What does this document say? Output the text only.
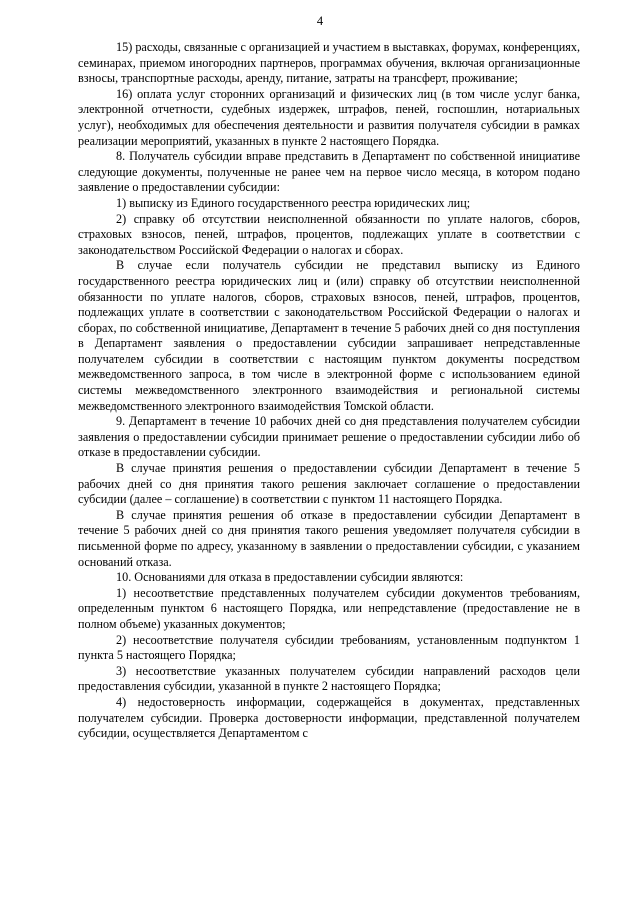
4

15) расходы, связанные с организацией и участием в выставках, форумах, конференциях, семинарах, приемом иногородних партнеров, программах обучения, включая организационные взносы, транспортные расходы, аренду, питание, затраты на трансферт, проживание;

16) оплата услуг сторонних организаций и физических лиц (в том числе услуг банка, электронной отчетности, судебных издержек, штрафов, пеней, госпошлин, нотариальных услуг), необходимых для обеспечения деятельности и развития получателя субсидии в рамках реализации мероприятий, указанных в пункте 2 настоящего Порядка.

8. Получатель субсидии вправе представить в Департамент по собственной инициативе следующие документы, полученные не ранее чем на первое число месяца, в котором подано заявление о предоставлении субсидии:

1) выписку из Единого государственного реестра юридических лиц;

2) справку об отсутствии неисполненной обязанности по уплате налогов, сборов, страховых взносов, пеней, штрафов, процентов, подлежащих уплате в соответствии с законодательством Российской Федерации о налогах и сборах.

В случае если получатель субсидии не представил выписку из Единого государственного реестра юридических лиц и (или) справку об отсутствии неисполненной обязанности по уплате налогов, сборов, страховых взносов, пеней, штрафов, процентов, подлежащих уплате в соответствии с законодательством Российской Федерации о налогах и сборах, по собственной инициативе, Департамент в течение 5 рабочих дней со дня поступления в Департамент заявления о предоставлении субсидии запрашивает непредставленные получателем субсидии в соответствии с настоящим пунктом документы посредством межведомственного запроса, в том числе в электронной форме с использованием единой системы межведомственного электронного взаимодействия и региональной системы межведомственного электронного взаимодействия Томской области.

9. Департамент в течение 10 рабочих дней со дня представления получателем субсидии заявления о предоставлении субсидии принимает решение о предоставлении субсидии либо об отказе в предоставлении субсидии.

В случае принятия решения о предоставлении субсидии Департамент в течение 5 рабочих дней со дня принятия такого решения заключает соглашение о предоставлении субсидии (далее – соглашение) в соответствии с пунктом 11 настоящего Порядка.

В случае принятия решения об отказе в предоставлении субсидии Департамент в течение 5 рабочих дней со дня принятия такого решения уведомляет получателя субсидии в письменной форме по адресу, указанному в заявлении о предоставлении субсидии, с указанием оснований отказа.

10. Основаниями для отказа в предоставлении субсидии являются:

1) несоответствие представленных получателем субсидии документов требованиям, определенным пунктом 6 настоящего Порядка, или непредставление (предоставление не в полном объеме) указанных документов;

2) несоответствие получателя субсидии требованиям, установленным подпунктом 1 пункта 5 настоящего Порядка;

3) несоответствие указанных получателем субсидии направлений расходов цели предоставления субсидии, указанной в пункте 2 настоящего Порядка;

4) недостоверность информации, содержащейся в документах, представленных получателем субсидии. Проверка достоверности информации, представленной получателем субсидии, осуществляется Департаментом с
